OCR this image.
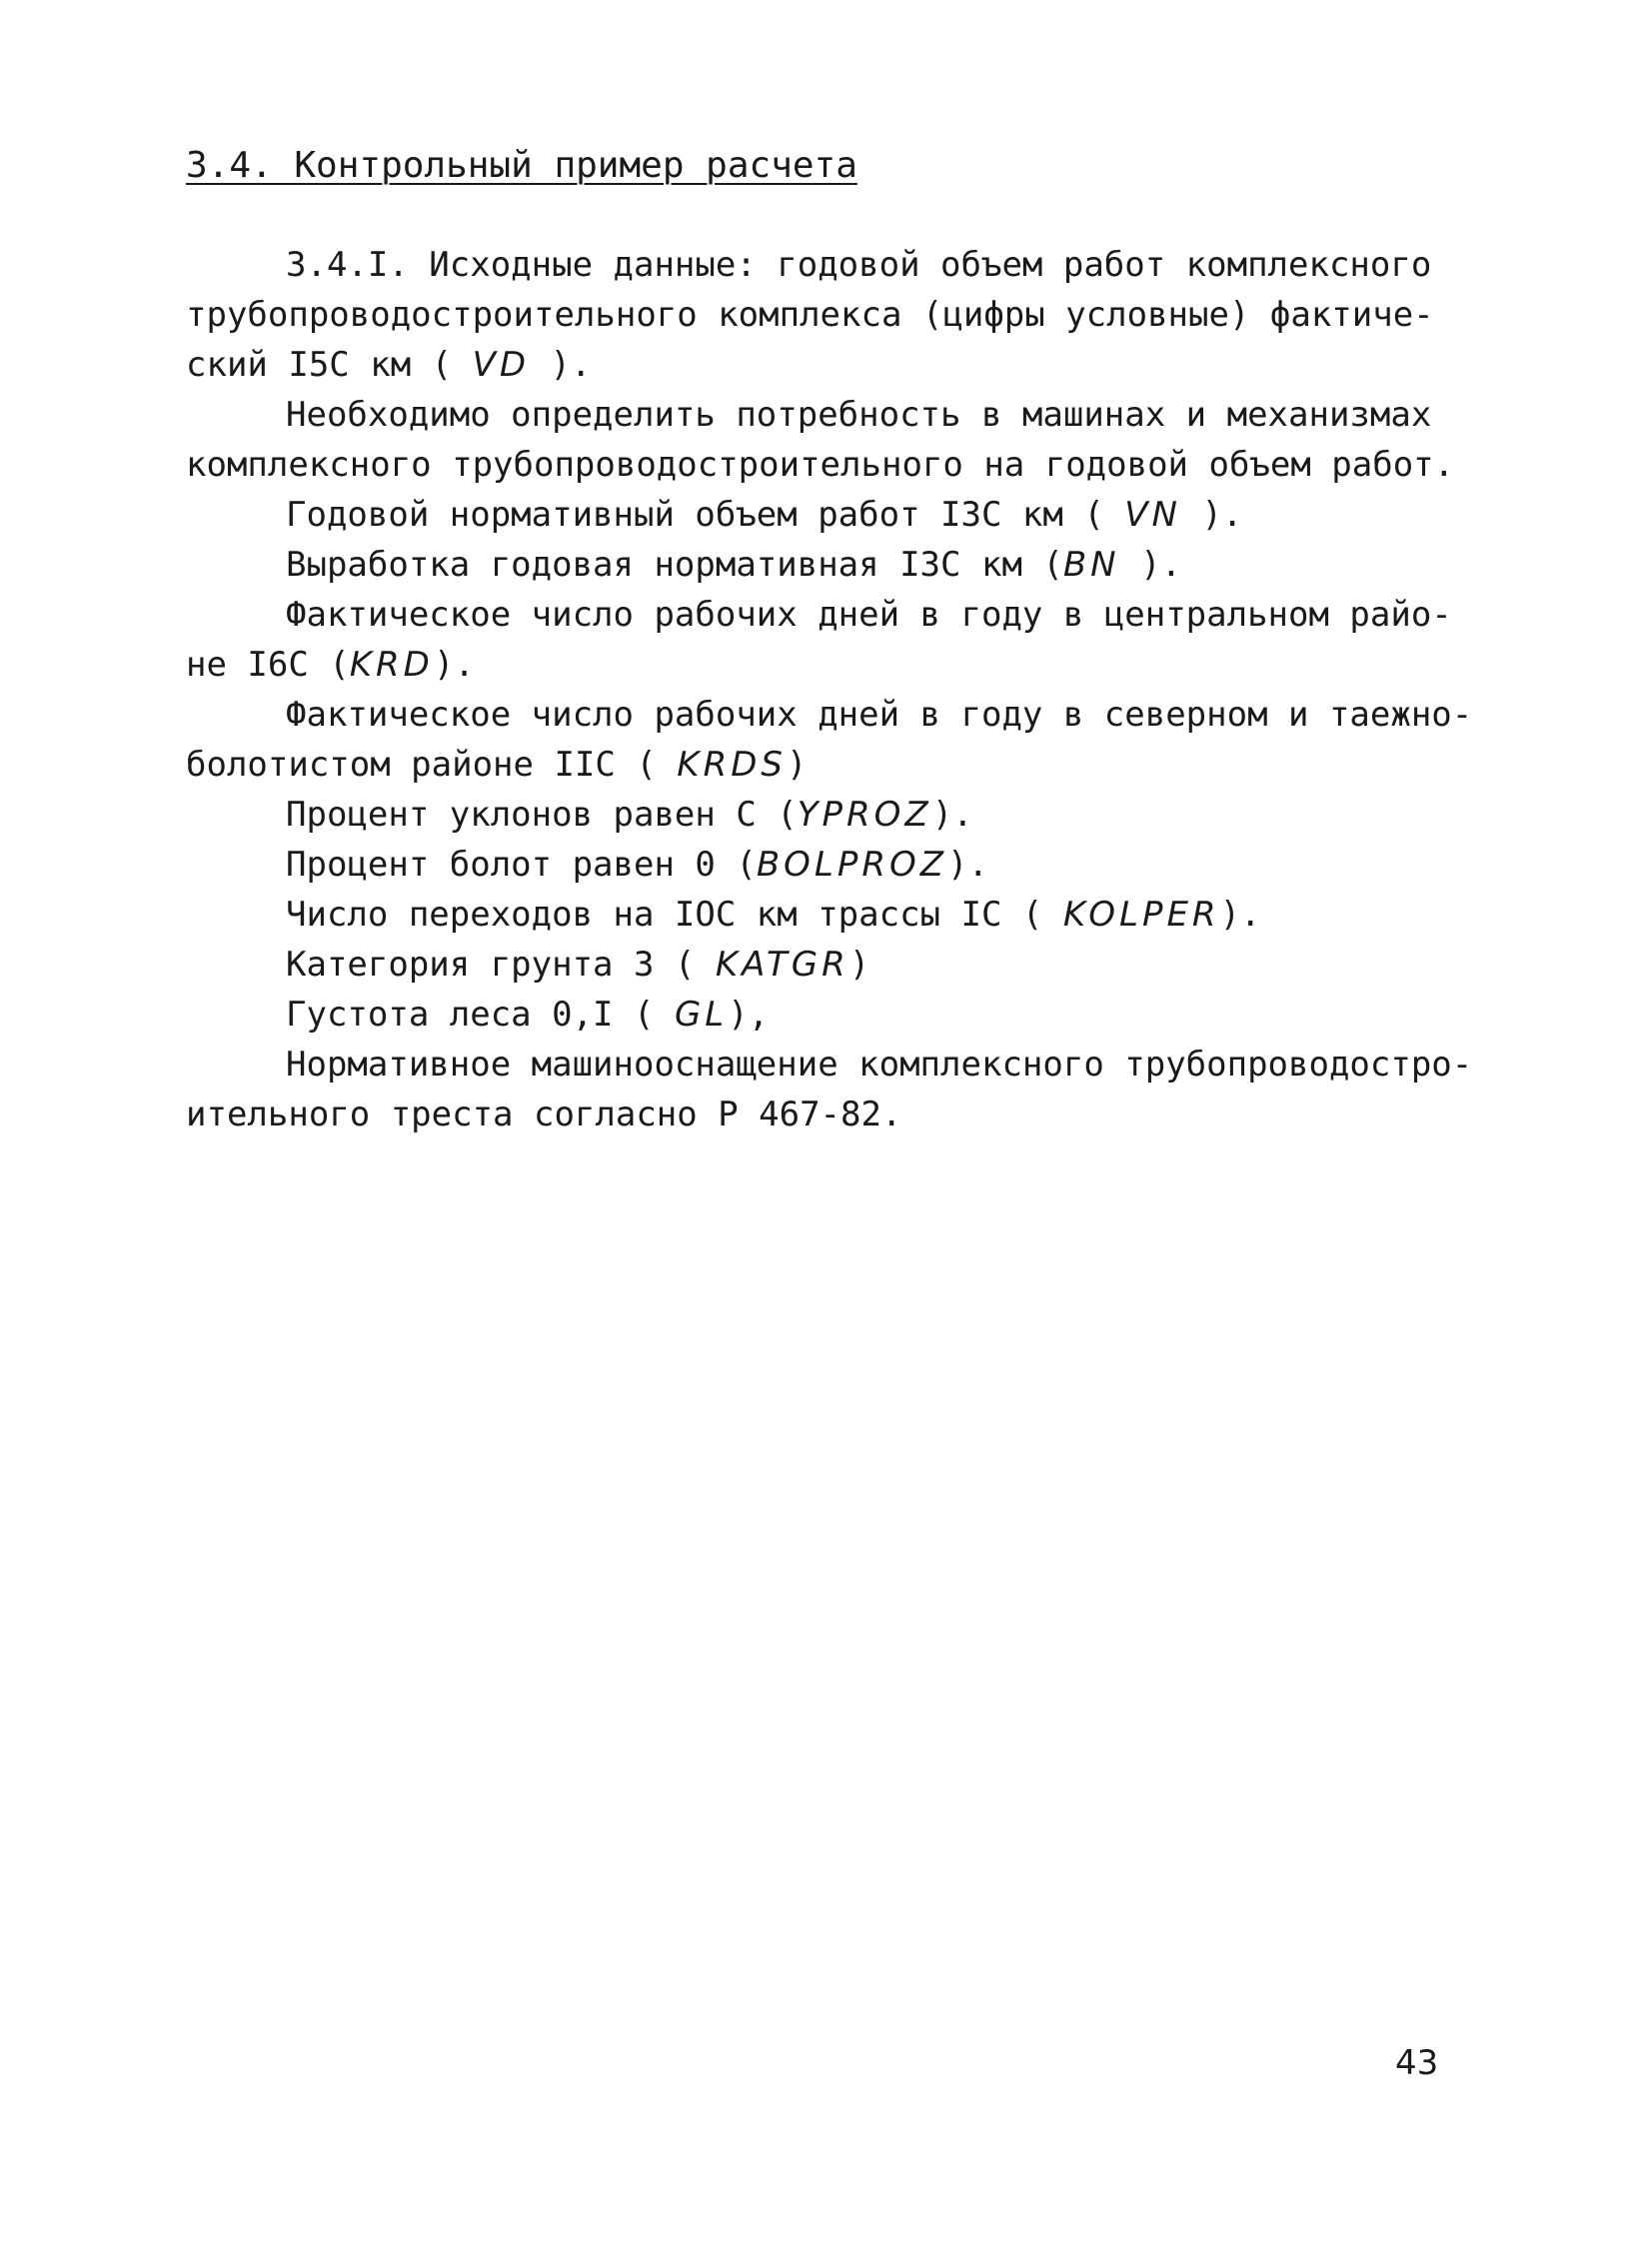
3.4. Контрольный пример расчета
3.4.I. Исходные данные: годовой объем работ комплексного
трубопроводостроительного комплекса (цифры условные) фактиче-
ский I5C км ( VD ).
Необходимо определить потребность в машинах и механизмах
комплексного трубопроводостроительного на годовой объем работ.
Годовой нормативный объем работ I3C км ( VN ).
Выработка годовая нормативная I3C км (BN ).
Фактическое число рабочих дней в году в центральном райо-
не I6C (KRD).
Фактическое число рабочих дней в году в северном и таежно-
болотистом районе IIC ( KRDS)
Процент уклонов равен C (YPROZ).
Процент болот равен 0 (BOLPROZ).
Число переходов на IOC км трассы IC ( KOLPER).
Категория грунта 3 ( KATGR)
Густота леса 0,I ( GL),
Нормативное машинооснащение комплексного трубопроводостро-
ительного треста согласно Р 467-82.
43
